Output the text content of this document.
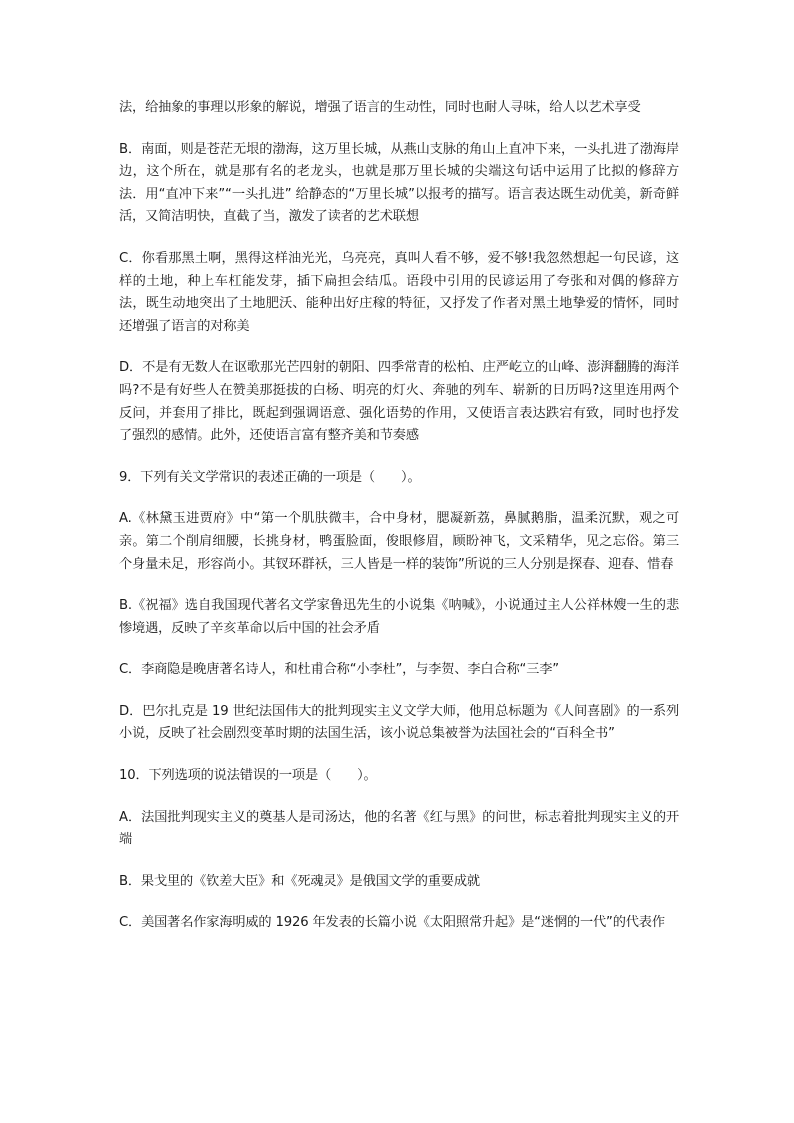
法，给抽象的事理以形象的解说，增强了语言的生动性，同时也耐人寻味，给人以艺术享受

B．南面，则是苍茫无垠的渤海，这万里长城，从燕山支脉的角山上直冲下来，一头扎进了渤海岸边，这个所在，就是那有名的老龙头，也就是那万里长城的尖端这句话中运用了比拟的修辞方法．用“直冲下来”“一头扎进” 给静态的“万里长城”以报考的描写。语言表达既生动优美，新奇鲜活，又简洁明快，直截了当，激发了读者的艺术联想

C．你看那黑土啊，黑得这样油光光，乌亮亮，真叫人看不够，爱不够!我忽然想起一句民谚，这样的土地，种上车杠能发芽，插下扁担会结瓜。语段中引用的民谚运用了夸张和对偶的修辞方法，既生动地突出了土地肥沃、能种出好庄稼的特征，又抒发了作者对黑土地挚爱的情怀，同时还增强了语言的对称美

D．不是有无数人在讴歌那光芒四射的朝阳、四季常青的松柏、庄严屹立的山峰、澎湃翻腾的海洋吗?不是有好些人在赞美那挺拔的白杨、明亮的灯火、奔驰的列车、崭新的日历吗?这里连用两个反问，并套用了排比，既起到强调语意、强化语势的作用，又使语言表达跌宕有致，同时也抒发了强烈的感情。此外，还使语言富有整齐美和节奏感

9．下列有关文学常识的表述正确的一项是（　　）。

A.《林黛玉进贾府》中“第一个肌肤微丰，合中身材，腮凝新荔，鼻腻鹅脂，温柔沉默，观之可亲。第二个削肩细腰，长挑身材，鸭蛋脸面，俊眼修眉，顾盼神飞，文采精华，见之忘俗。第三个身量未足，形容尚小。其钗环群袄，三人皆是一样的装饰”所说的三人分别是探春、迎春、惜春

B.《祝福》选自我国现代著名文学家鲁迅先生的小说集《呐喊》，小说通过主人公祥林嫂一生的悲惨境遇，反映了辛亥革命以后中国的社会矛盾

C．李商隐是晚唐著名诗人，和杜甫合称“小李杜”，与李贺、李白合称“三李”

D．巴尔扎克是 19 世纪法国伟大的批判现实主义文学大师，他用总标题为《人间喜剧》的一系列小说，反映了社会剧烈变革时期的法国生活，该小说总集被誉为法国社会的“百科全书”

10．下列选项的说法错误的一项是（　　）。

A．法国批判现实主义的奠基人是司汤达，他的名著《红与黑》的问世，标志着批判现实主义的开端

B．果戈里的《钦差大臣》和《死魂灵》是俄国文学的重要成就

C．美国著名作家海明威的 1926 年发表的长篇小说《太阳照常升起》是“迷惘的一代”的代表作
